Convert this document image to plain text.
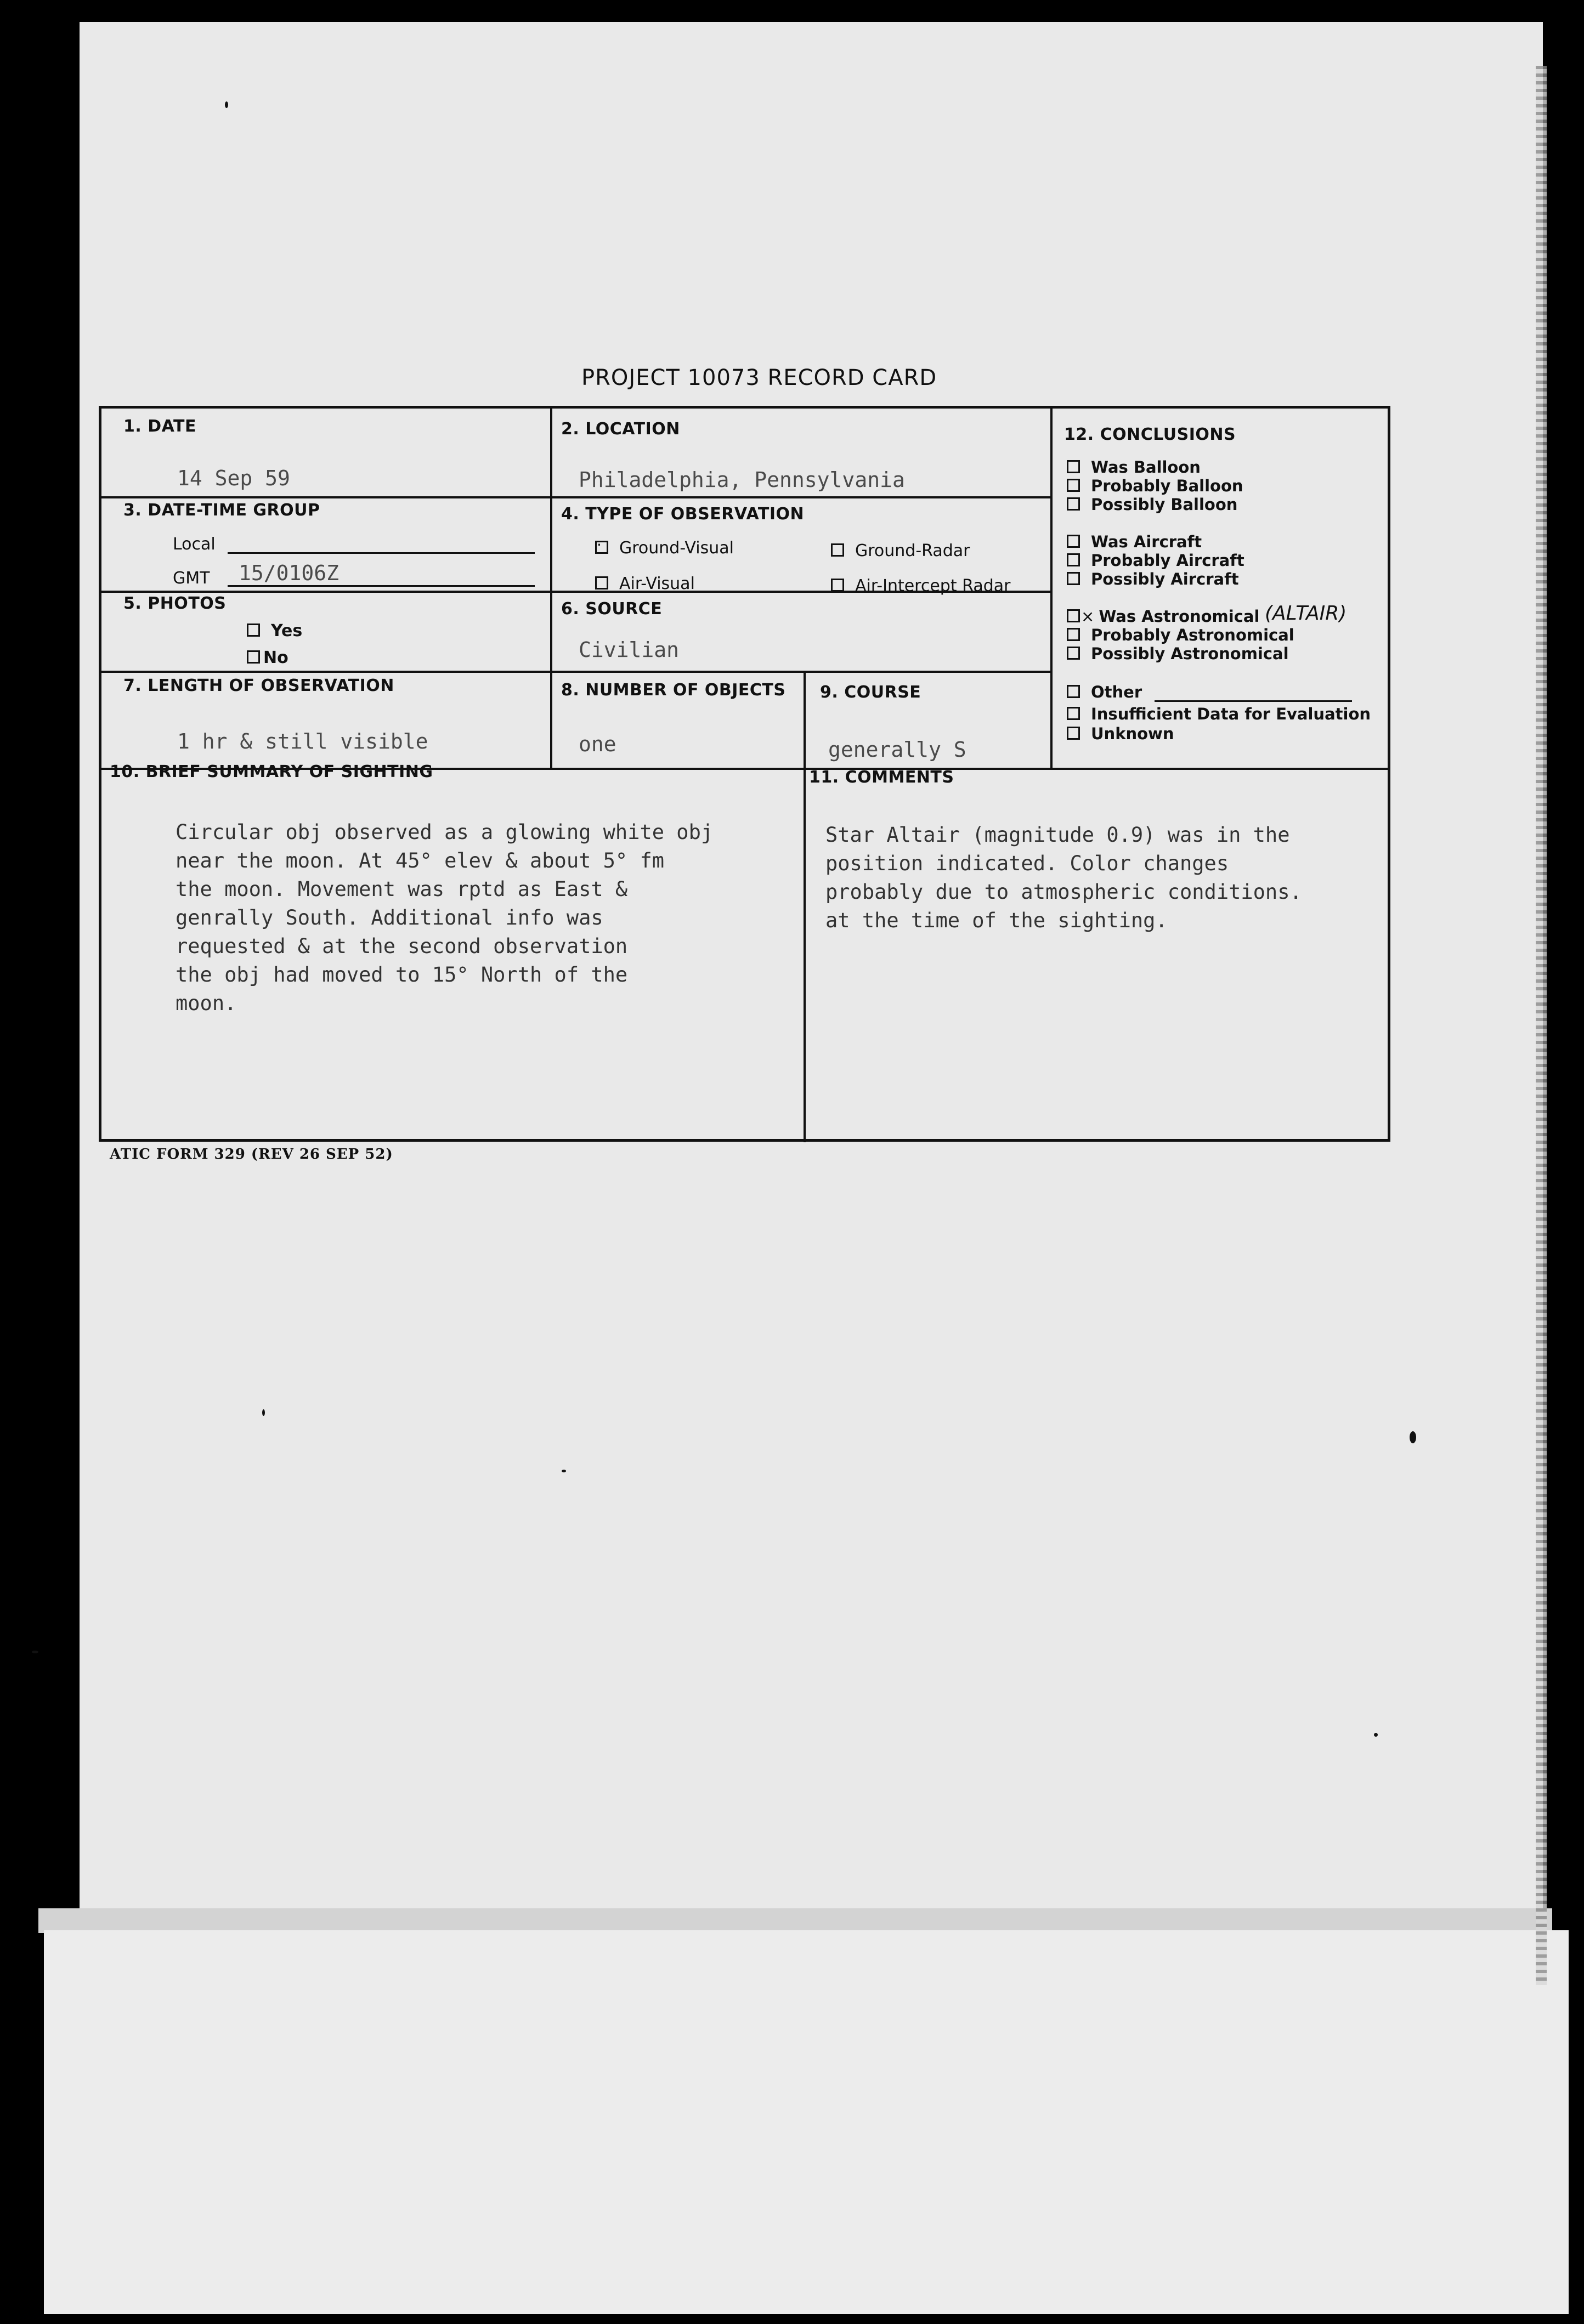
PROJECT 10073 RECORD CARD
1. DATE
14 Sep 59
2. LOCATION
Philadelphia, Pennsylvania
3. DATE-TIME GROUP
Local
GMT 15/0106Z
4. TYPE OF OBSERVATION
· Ground-Visual	Ground-Radar
Air-Visual	Air-Intercept Radar
5. PHOTOS
Yes
No
6. SOURCE
Civilian
7. LENGTH OF OBSERVATION
1 hr & still visible
8. NUMBER OF OBJECTS
one
9. COURSE
generally S
10. BRIEF SUMMARY OF SIGHTING

Circular obj observed as a glowing white obj
near the moon. At 45° elev & about 5° fm
the moon. Movement was rptd as East &
genrally South. Additional info was
requested & at the second observation
the obj had moved to 15° North of the
moon.
11. COMMENTS

Star Altair (magnitude 0.9) was in the
position indicated. Color changes
probably due to atmospheric conditions.
at the time of the sighting.
12. CONCLUSIONS
Was Balloon
Probably Balloon
Possibly Balloon
Was Aircraft
Probably Aircraft
Possibly Aircraft
× Was Astronomical
Probably Astronomical
Possibly Astronomical
Other
Insufficient Data for Evaluation
Unknown
(ALTAIR)
ATIC FORM 329 (REV 26 SEP 52)
